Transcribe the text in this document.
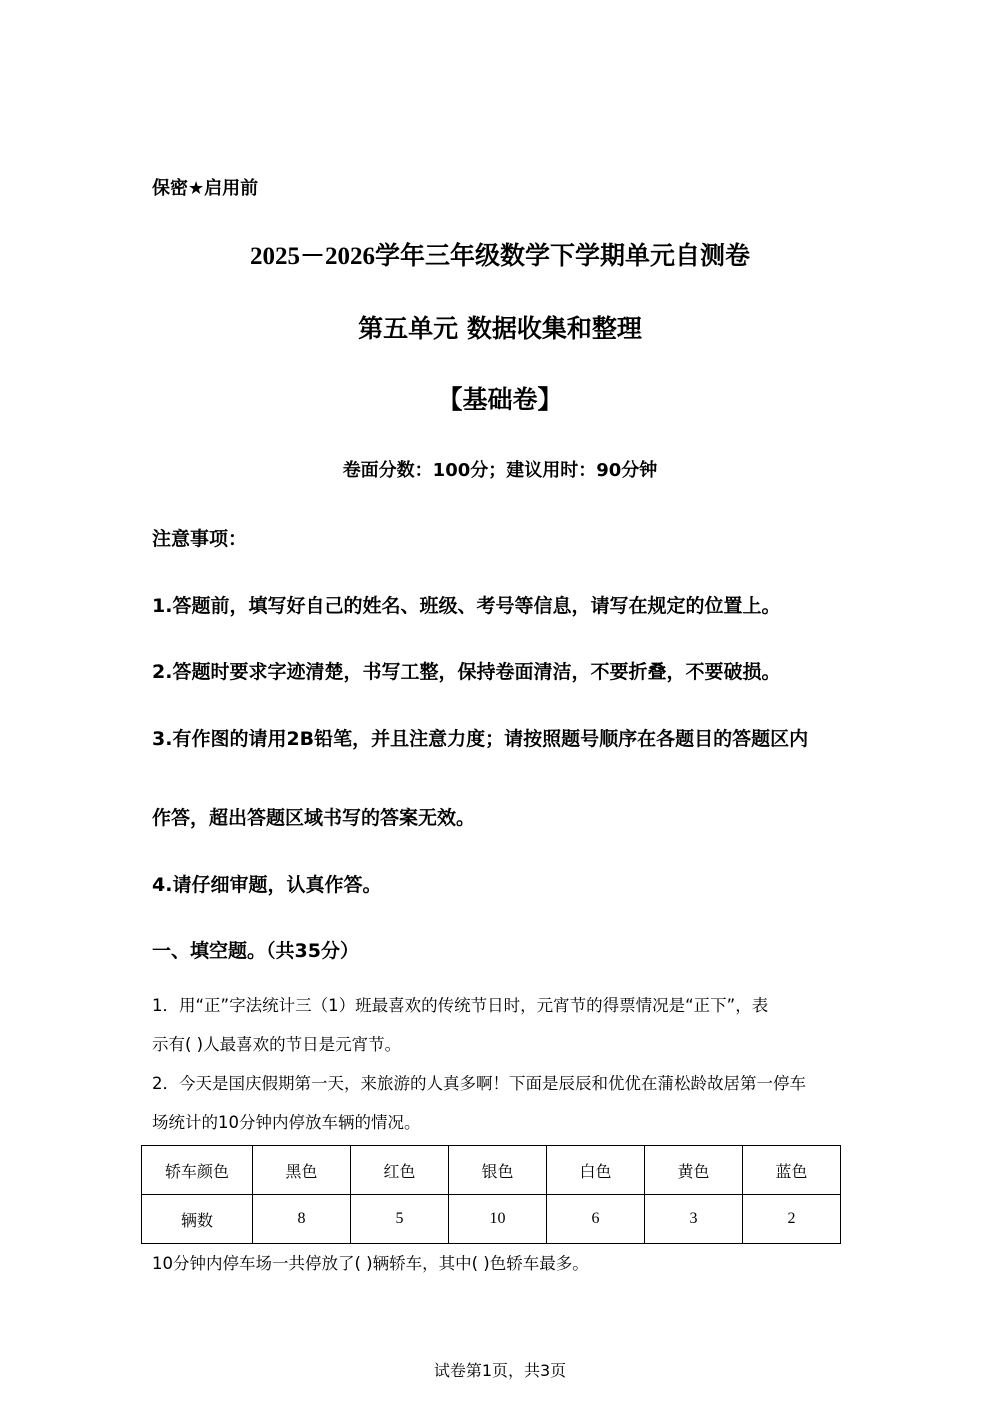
保密★启用前
2025－2026学年三年级数学下学期单元自测卷
第五单元 数据收集和整理
【基础卷】
卷面分数：100分；建议用时：90分钟
注意事项：
1.答题前，填写好自己的姓名、班级、考号等信息，请写在规定的位置上。
2.答题时要求字迹清楚，书写工整，保持卷面清洁，不要折叠，不要破损。
3.有作图的请用2B铅笔，并且注意力度；请按照题号顺序在各题目的答题区内
作答，超出答题区域书写的答案无效。
4.请仔细审题，认真作答。
一、填空题。（共35分）
1．用“正”字法统计三（1）班最喜欢的传统节日时，元宵节的得票情况是“正下”，表
示有( )人最喜欢的节日是元宵节。
2．今天是国庆假期第一天，来旅游的人真多啊！下面是辰辰和优优在蒲松龄故居第一停车
场统计的10分钟内停放车辆的情况。
轿车颜色	黑色	红色	银色	白色	黄色	蓝色
辆数	8	5	10	6	3	2
10分钟内停车场一共停放了( )辆轿车，其中( )色轿车最多。
试卷第1页，共3页
